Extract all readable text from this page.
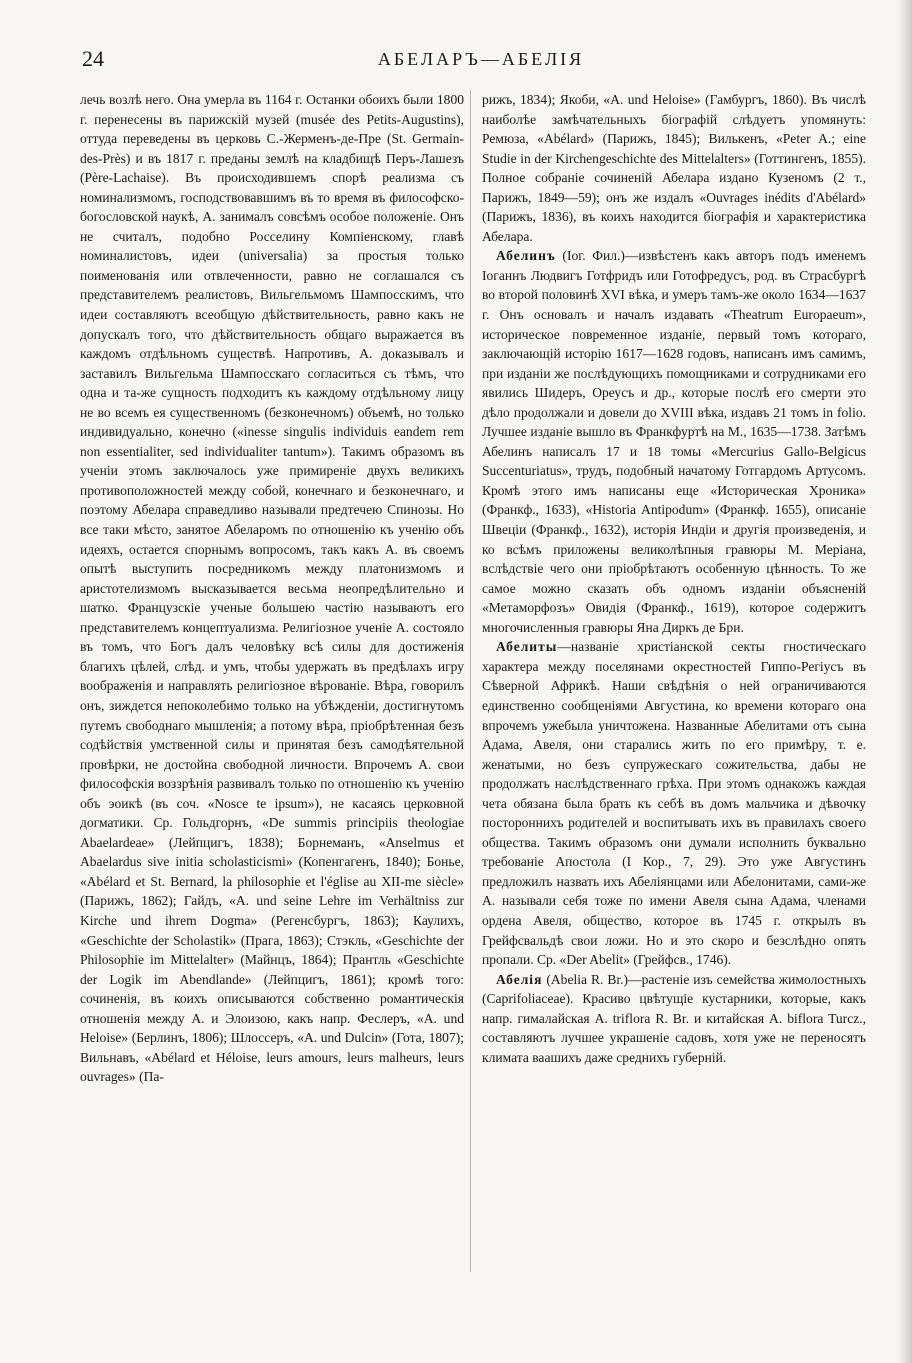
24	АБЕЛАРЪ—АБЕЛІЯ

лечь возлѣ него. Она умерла въ 1164 г. Останки обоихъ были 1800 г. перенесены въ парижскій музей (musée des Petits-Augustins), оттуда переведены въ церковь С.-Жерменъ-де-Пре (St. Germain-des-Près) и въ 1817 г. преданы землѣ на кладбищѣ Перъ-Лашезъ (Père-Lachaise). Въ происходившемъ спорѣ реализма съ номинализмомъ, господствовавшимъ въ то время въ философско-богословской наукѣ, А. занималъ совсѣмъ особое положеніе. Онъ не считалъ, подобно Росселину Компіенскому, главѣ номиналистовъ, идеи (universalia) за простыя только поименованія или отвлеченности, равно не соглашался съ представителемъ реалистовъ, Вильгельмомъ Шампосскимъ, что идеи составляютъ всеобщую дѣйствительность, равно какъ не допускалъ того, что дѣйствительность общаго выражается въ каждомъ отдѣльномъ существѣ. Напротивъ, А. доказывалъ и заставилъ Вильгельма Шампосскаго согласиться съ тѣмъ, что одна и та-же сущность подходитъ къ каждому отдѣльному лицу не во всемъ ея существенномъ (безконечномъ) объемѣ, но только индивидуально, конечно («inesse singulis individuis eandem rem non essentialiter, sed individualiter tantum»). Такимъ образомъ въ ученіи этомъ заключалось уже примиреніе двухъ великихъ противоположностей между собой, конечнаго и безконечнаго, и поэтому Абелара справедливо называли предтечею Спинозы. Но все таки мѣсто, занятое Абеларомъ по отношенію къ ученію объ идеяхъ, остается спорнымъ вопросомъ, такъ какъ А. въ своемъ опытѣ выступить посредникомъ между платонизмомъ и аристотелизмомъ высказывается весьма неопредѣлительно и шатко. Французскіе ученые большею частію называютъ его представителемъ концептуализма. Религіозное ученіе А. состояло въ томъ, что Богъ далъ человѣку всѣ силы для достиженія благихъ цѣлей, слѣд. и умъ, чтобы удержать въ предѣлахъ игру воображенія и направлять религіозное вѣрованіе. Вѣра, говорилъ онъ, зиждется непоколебимо только на убѣжденіи, достигнутомъ путемъ свободнаго мышленія; а потому вѣра, пріобрѣтенная безъ содѣйствія умственной силы и принятая безъ самодѣятельной провѣрки, не достойна свободной личности. Впрочемъ А. свои философскія воззрѣнія развивалъ только по отношенію къ ученію объ эоикѣ (въ соч. «Nosce te ipsum»), не касаясь церковной догматики. Ср. Гольдгорнъ, «De summis principiis theologiae Abaelardeae» (Лейпцигъ, 1838); Борнеманъ, «Anselmus et Abaelardus sive initia scholasticismi» (Копенгагенъ, 1840); Боньe, «Abélard et St. Bernard, la philosophie et l'église au XII-me siècle» (Парижъ, 1862); Гайдъ, «A. und seine Lehre im Verhältniss zur Kirche und ihrem Dogma» (Регенсбургъ, 1863); Каулихъ, «Geschichte der Scholastik» (Прага, 1863); Стэкль, «Geschichte der Philosophie im Mittelalter» (Майнцъ, 1864); Прантль «Geschichte der Logik im Abendlande» (Лейпцигъ, 1861); кромѣ того: сочиненія, въ коихъ описываются собственно романтическія отношенія между А. и Элоизою, какъ напр. Феслеръ, «A. und Heloise» (Берлинъ, 1806); Шлоссеръ, «A. und Dulcin» (Гота, 1807); Вильнавъ, «Abélard et Héloise, leurs amours, leurs malheurs, leurs ouvrages» (Па-

рижъ, 1834); Якоби, «A. und Heloise» (Гамбургъ, 1860). Въ числѣ наиболѣе замѣчательныхъ біографій слѣдуетъ упомянуть: Ремюза, «Abélard» (Парижъ, 1845); Вилькенъ, «Peter A.; eine Studie in der Kirchengeschichte des Mittelalters» (Готтингенъ, 1855). Полное собраніе сочиненій Абелара издано Кузеномъ (2 т., Парижъ, 1849—59); онъ же издалъ «Ouvrages inédits d'Abélard» (Парижъ, 1836), въ коихъ находится біографія и характеристика Абелара.

Абелинъ (Іог. Фил.)—извѣстенъ какъ авторъ подъ именемъ Іоганнъ Людвигъ Готфридъ или Готофредусъ, род. въ Страсбургѣ во второй половинѣ XVI вѣка, и умеръ тамъ-же около 1634—1637 г. Онъ основалъ и началъ издавать «Theatrum Europaeum», историческое повременное изданіе, первый томъ котораго, заключающій исторію 1617—1628 годовъ, написанъ имъ самимъ, при изданіи же послѣдующихъ помощниками и сотрудниками его явились Шидеръ, Ореусъ и др., которые послѣ его смерти это дѣло продолжали и довели до XVIII вѣка, издавъ 21 томъ in folio. Лучшее изданіе вышло въ Франкфуртѣ на М., 1635—1738. Затѣмъ Абелинъ написалъ 17 и 18 томы «Mercurius Gallo-Belgicus Succenturiatus», трудъ, подобный начатому Готгардомъ Артусомъ. Кромѣ этого имъ написаны еще «Историческая Хроника» (Франкф., 1633), «Historia Antipodum» (Франкф. 1655), описаніе Швеціи (Франкф., 1632), исторія Индіи и другія произведенія, и ко всѣмъ приложены великолѣпныя гравюры М. Меріана, вслѣдствіе чего они пріобрѣтаютъ особенную цѣнность. То же самое можно сказать объ одномъ изданіи объясненій «Метаморфозъ» Овидія (Франкф., 1619), которое содержитъ многочисленныя гравюры Яна Диркъ де Бри.

Абелиты—названіе христіанской секты гностическаго характера между поселянами окрестностей Гиппо-Регіусъ въ Сѣверной Африкѣ. Наши свѣдѣнія о ней ограничиваются единственно сообщеніями Августина, ко времени котораго она впрочемъ ужебыла уничтожена. Названные Абелитами отъ сына Адама, Авеля, они старались жить по его примѣру, т. е. женатыми, но безъ супружескаго сожительства, дабы не продолжать наслѣдственнаго грѣха. При этомъ однакожъ каждая чета обязана была брать къ себѣ въ домъ мальчика и дѣвочку постороннихъ родителей и воспитывать ихъ въ правилахъ своего общества. Такимъ образомъ они думали исполнить буквально требованіе Апостола (I Кор., 7, 29). Это уже Августинъ предложилъ назвать ихъ Абеліянцами или Абелонитами, сами-же А. называли себя тоже по имени Авеля сына Адама, членами ордена Авеля, общество, которое въ 1745 г. открылъ въ Грейфсвальдѣ свои ложи. Но и это скоро и безслѣдно опять пропали. Ср. «Der Abelit» (Грейфсв., 1746).

Абелія (Abelia R. Br.)—растеніе изъ семейства жимолостныхъ (Caprifoliaceae). Красиво цвѣтущіе кустарники, которые, какъ напр. гималайская A. triflora R. Br. и китайская A. biflora Turcz., составляютъ лучшее украшеніе садовъ, хотя уже не переносятъ климата ваашихъ даже среднихъ губерній.
